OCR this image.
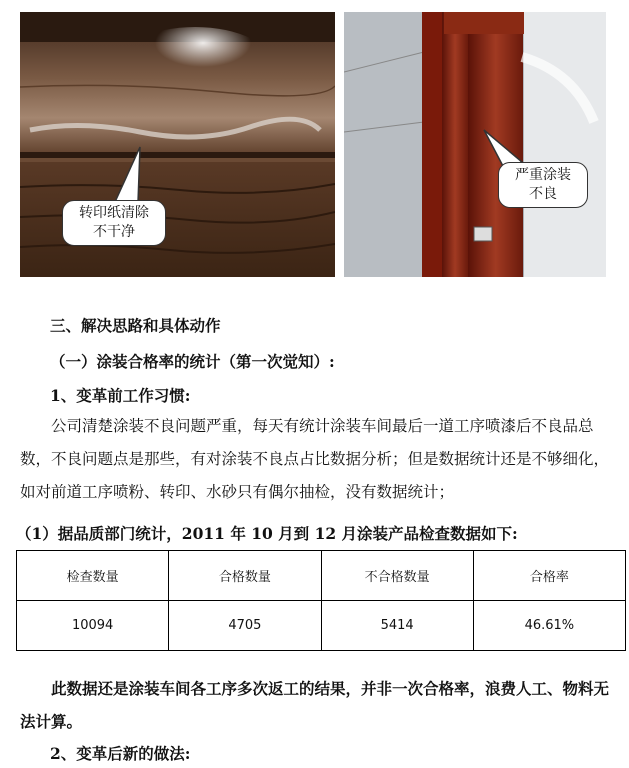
转印纸清除
不干净
严重涂装
不良
三、解决思路和具体动作
（一）涂装合格率的统计（第一次觉知）:
1、变革前工作习惯:
公司清楚涂装不良问题严重，每天有统计涂装车间最后一道工序喷漆后不良品总数，不良问题点是那些，有对涂装不良点占比数据分析；但是数据统计还是不够细化，如对前道工序喷粉、转印、水砂只有偶尔抽检，没有数据统计；
（1）据品质部门统计，2011 年 10 月到 12 月涂装产品检查数据如下:
检查数量	合格数量	不合格数量	合格率
10094	4705	5414	46.61%
此数据还是涂装车间各工序多次返工的结果，并非一次合格率，浪费人工、物料无法计算。
2、变革后新的做法:
